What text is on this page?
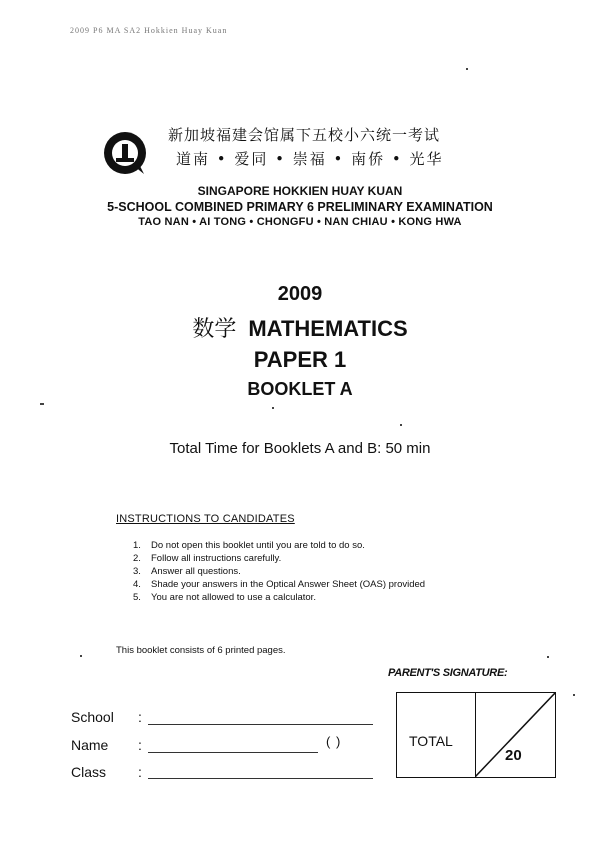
2009 P6 MA SA2 Hokkien Huay Kuan
新加坡福建会馆属下五校小六统一考试
道南 • 爱同 • 崇福 • 南侨 • 光华
SINGAPORE HOKKIEN HUAY KUAN
5-SCHOOL COMBINED PRIMARY 6 PRELIMINARY EXAMINATION
TAO NAN • AI TONG • CHONGFU • NAN CHIAU • KONG HWA
2009
数学 MATHEMATICS
PAPER 1
BOOKLET A
Total Time for Booklets A and B: 50 min
INSTRUCTIONS TO CANDIDATES
1. Do not open this booklet until you are told to do so.
2. Follow all instructions carefully.
3. Answer all questions.
4. Shade your answers in the Optical Answer Sheet (OAS) provided
5. You are not allowed to use a calculator.
This booklet consists of 6 printed pages.
PARENT'S SIGNATURE:
School :
Name :	( )
Class :
TOTAL
20
